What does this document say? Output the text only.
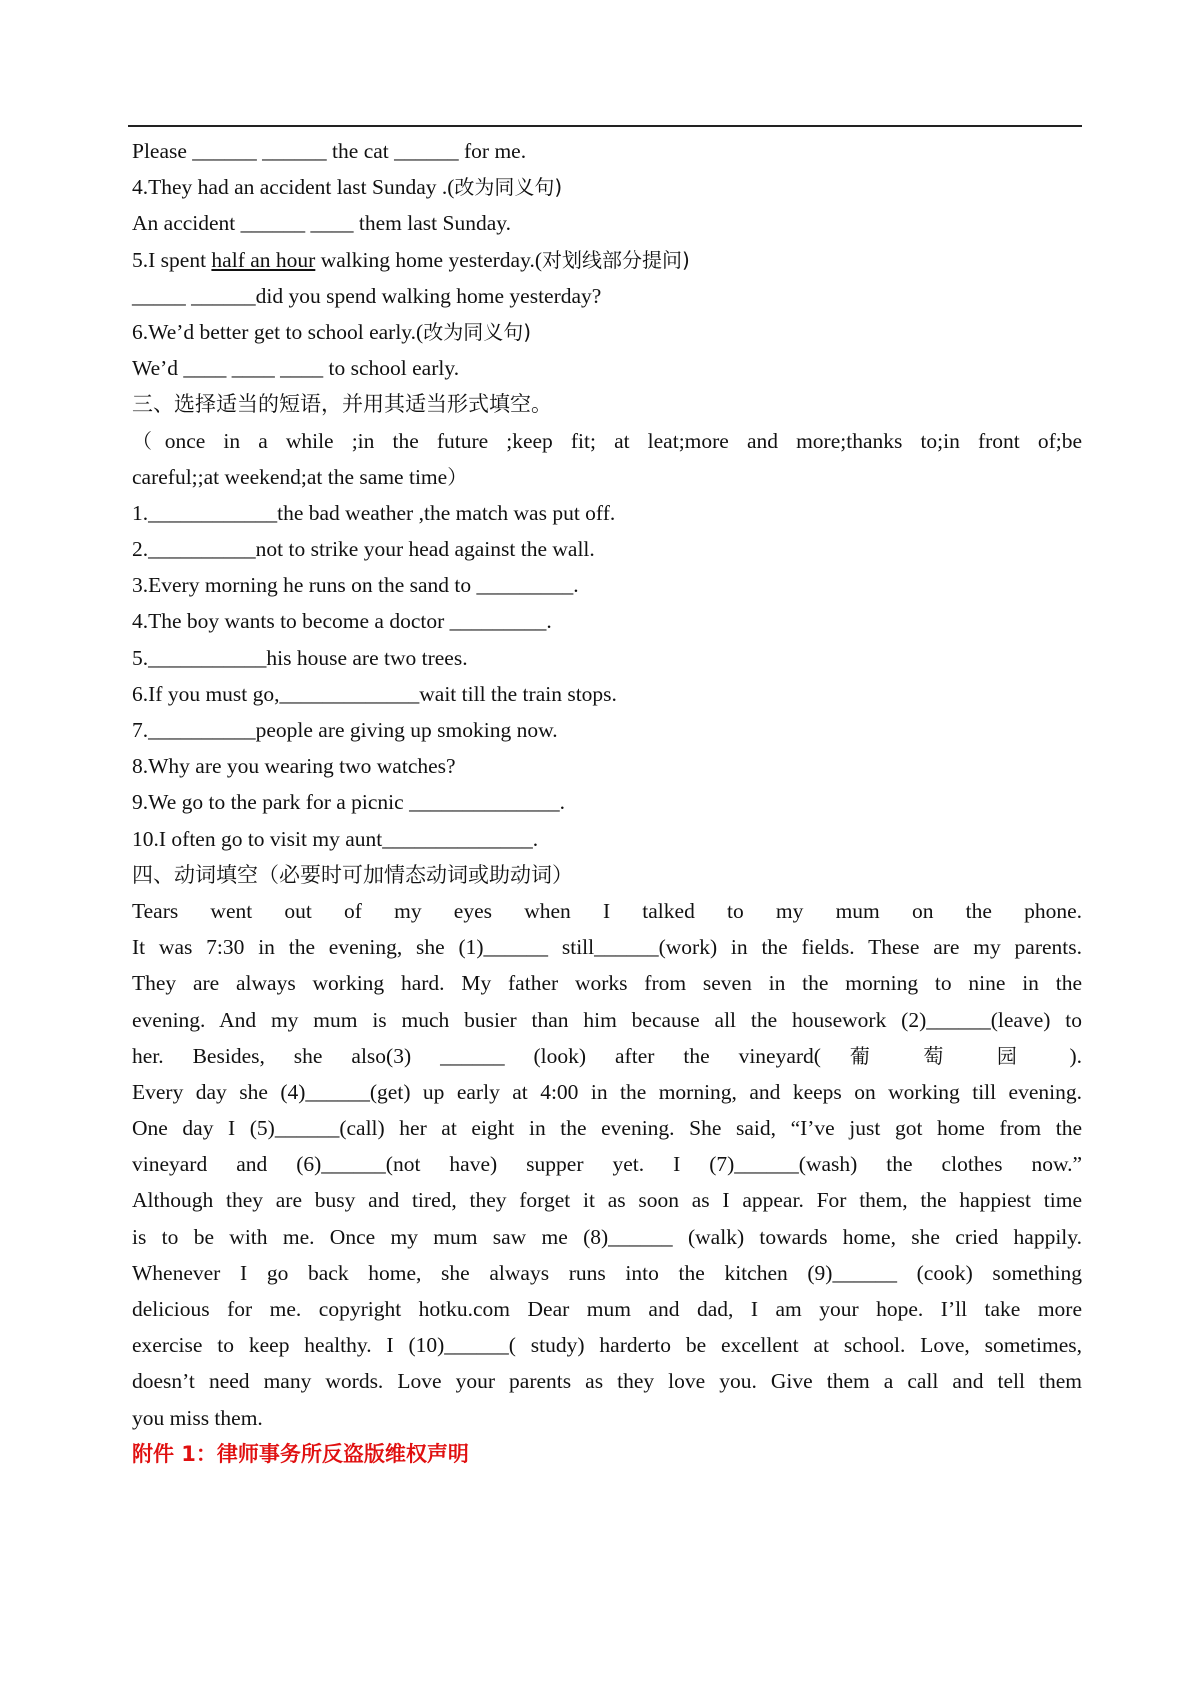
Please ______ ______ the cat ______ for me.
4.They had an accident last Sunday .(改为同义句)
An accident ______ ____ them last Sunday.
5.I spent half an hour walking home yesterday.(对划线部分提问)
_____ ______did you spend walking home yesterday?
6.We’d better get to school early.(改为同义句)
We’d ____ ____ ____ to school early.
三、选择适当的短语，并用其适当形式填空。
（once in a while ;in the future ;keep fit; at leat;more and more;thanks to;in front of;be
careful;;at weekend;at the same time）
1.____________the bad weather ,the match was put off.
2.__________not to strike your head against the wall.
3.Every morning he runs on the sand to _________.
4.The boy wants to become a doctor _________.
5.___________his house are two trees.
6.If you must go,_____________wait till the train stops.
7.__________people are giving up smoking now.
8.Why are you wearing two watches?
9.We go to the park for a picnic ______________.
10.I often go to visit my aunt______________.
四、动词填空（必要时可加情态动词或助动词）
Tears went out of my eyes when I talked to my mum on the phone.
It was 7:30 in the evening, she (1)______ still______(work) in the fields. These are my parents.
They are always working hard. My father works from seven in the morning to nine in the
evening. And my mum is much busier than him because all the housework (2)______(leave) to
her. Besides, she also(3) ______ (look) after the vineyard( 葡 萄 园 ).
Every day she (4)______(get) up early at 4:00 in the morning, and keeps on working till evening.
One day I (5)______(call) her at eight in the evening. She said, “I’ve just got home from the
vineyard and (6)______(not have) supper yet. I (7)______(wash) the clothes now.”
Although they are busy and tired, they forget it as soon as I appear. For them, the happiest time
is to be with me. Once my mum saw me (8)______ (walk) towards home, she cried happily.
Whenever I go back home, she always runs into the kitchen (9)______ (cook) something
delicious for me. copyright hotku.com Dear mum and dad, I am your hope. I’ll take more
exercise to keep healthy. I (10)______( study) harderto be excellent at school. Love, sometimes,
doesn’t need many words. Love your parents as they love you. Give them a call and tell them
you miss them.
附件 1：律师事务所反盗版维权声明
